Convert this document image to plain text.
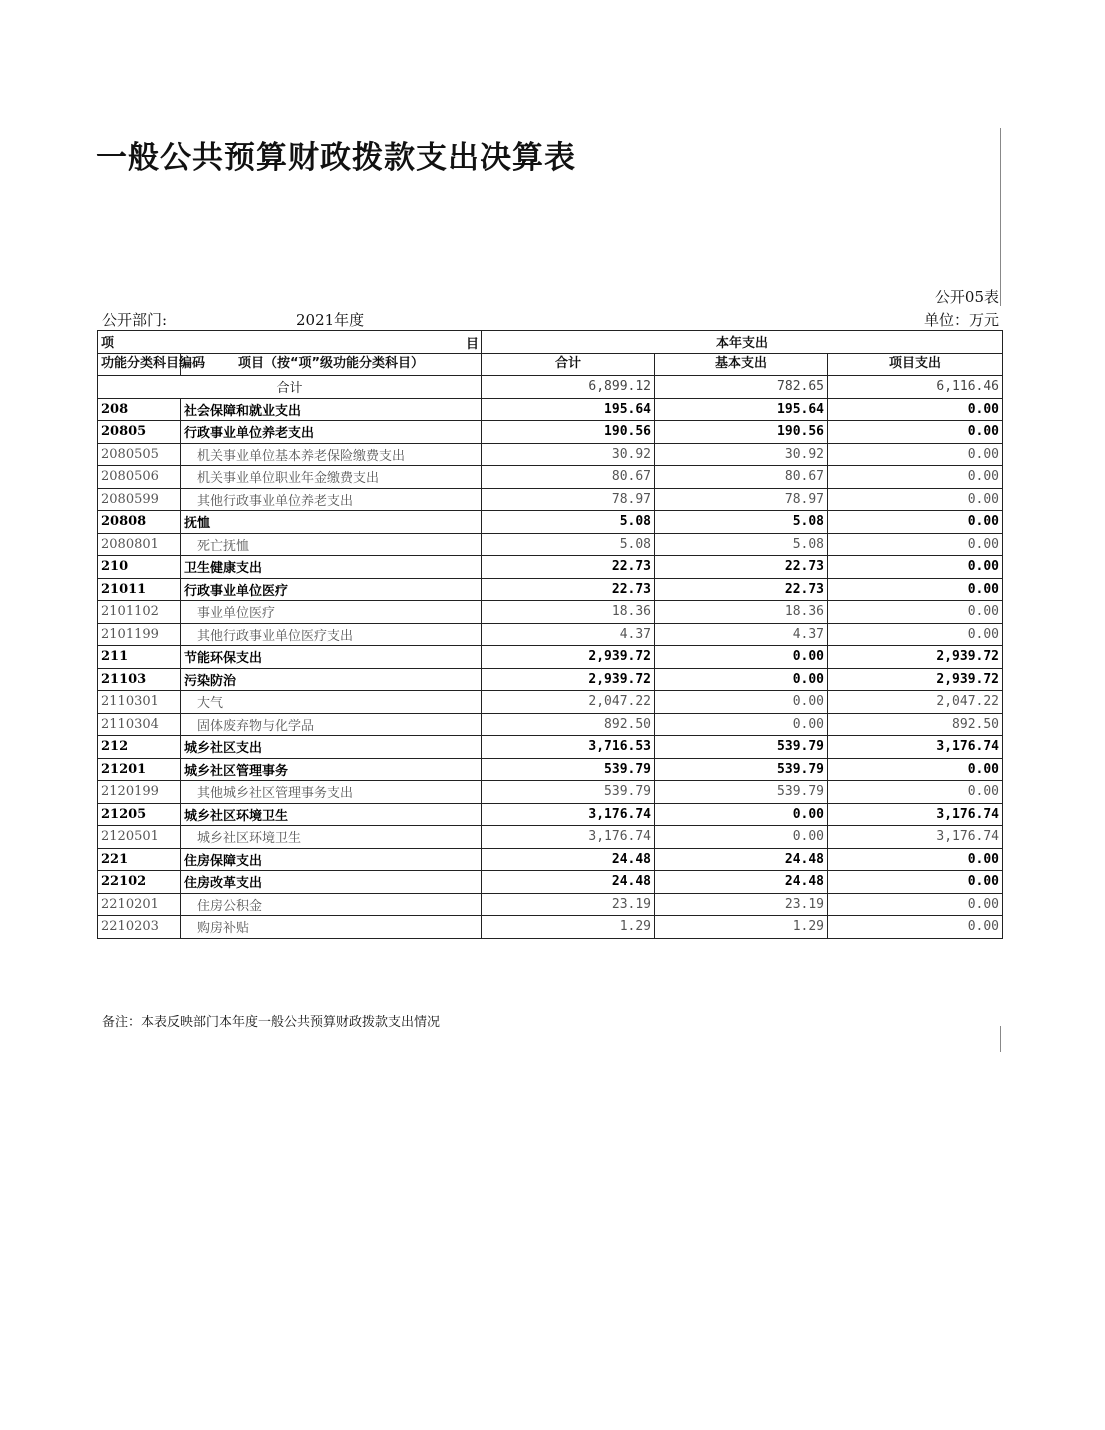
一般公共预算财政拨款支出决算表
公开05表
公开部门:	2021年度	单位：万元
项 目		本年支出		
功能分类科目编码	项目（按“项”级功能分类科目）	合计	基本支出	项目支出
合计		6,899.12	782.65	6,116.46
208	社会保障和就业支出	195.64	195.64	0.00
20805	行政事业单位养老支出	190.56	190.56	0.00
2080505	机关事业单位基本养老保险缴费支出	30.92	30.92	0.00
2080506	机关事业单位职业年金缴费支出	80.67	80.67	0.00
2080599	其他行政事业单位养老支出	78.97	78.97	0.00
20808	抚恤	5.08	5.08	0.00
2080801	死亡抚恤	5.08	5.08	0.00
210	卫生健康支出	22.73	22.73	0.00
21011	行政事业单位医疗	22.73	22.73	0.00
2101102	事业单位医疗	18.36	18.36	0.00
2101199	其他行政事业单位医疗支出	4.37	4.37	0.00
211	节能环保支出	2,939.72	0.00	2,939.72
21103	污染防治	2,939.72	0.00	2,939.72
2110301	大气	2,047.22	0.00	2,047.22
2110304	固体废弃物与化学品	892.50	0.00	892.50
212	城乡社区支出	3,716.53	539.79	3,176.74
21201	城乡社区管理事务	539.79	539.79	0.00
2120199	其他城乡社区管理事务支出	539.79	539.79	0.00
21205	城乡社区环境卫生	3,176.74	0.00	3,176.74
2120501	城乡社区环境卫生	3,176.74	0.00	3,176.74
221	住房保障支出	24.48	24.48	0.00
22102	住房改革支出	24.48	24.48	0.00
2210201	住房公积金	23.19	23.19	0.00
2210203	购房补贴	1.29	1.29	0.00
备注：本表反映部门本年度一般公共预算财政拨款支出情况
